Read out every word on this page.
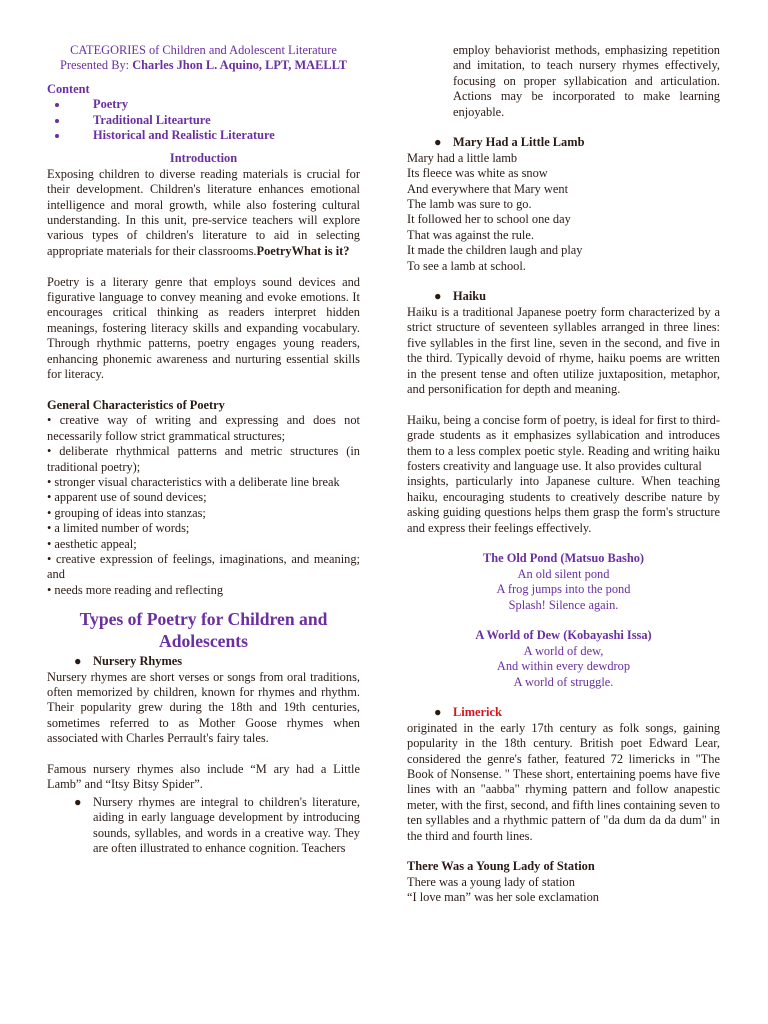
CATEGORIES of Children and Adolescent Literature

Presented By: Charles Jhon L. Aquino, LPT, MAELLT

Content

• Poetry
• Traditional Litearture
• Historical and Realistic Literature

Introduction

Exposing children to diverse reading materials is crucial for their development. Children's literature enhances emotional intelligence and moral growth, while also fostering cultural understanding. In this unit, pre-service teachers will explore various types of children's literature to aid in selecting appropriate materials for their classrooms.PoetryWhat is it?

Poetry is a literary genre that employs sound devices and figurative language to convey meaning and evoke emotions. It encourages critical thinking as readers interpret hidden meanings, fostering literacy skills and expanding vocabulary. Through rhythmic patterns, poetry engages young readers, enhancing phonemic awareness and nurturing essential skills for literacy.

General Characteristics of Poetry

• creative way of writing and expressing and does not necessarily follow strict grammatical structures;

• deliberate rhythmical patterns and metric structures (in traditional poetry);

• stronger visual characteristics with a deliberate line break

• apparent use of sound devices;

• grouping of ideas into stanzas;

• a limited number of words;

• aesthetic appeal;

• creative expression of feelings, imaginations, and meaning; and

• needs more reading and reflecting

Types of Poetry for Children and Adolescents

● Nursery Rhymes

Nursery rhymes are short verses or songs from oral traditions, often memorized by children, known for rhymes and rhythm. Their popularity grew during the 18th and 19th centuries, sometimes referred to as Mother Goose rhymes when associated with Charles Perrault's fairy tales.

Famous nursery rhymes also include “M ary had a Little Lamb” and “Itsy Bitsy Spider”.

● Nursery rhymes are integral to children's literature, aiding in early language development by introducing sounds, syllables, and words in a creative way. They are often illustrated to enhance cognition. Teachers
employ behaviorist methods, emphasizing repetition and imitation, to teach nursery rhymes effectively, focusing on proper syllabication and articulation. Actions may be incorporated to make learning enjoyable.
● Mary Had a Little Lamb

Mary had a little lamb

Its fleece was white as snow

And everywhere that Mary went

The lamb was sure to go.

It followed her to school one day

That was against the rule.

It made the children laugh and play

To see a lamb at school.

● Haiku

Haiku is a traditional Japanese poetry form characterized by a strict structure of seventeen syllables arranged in three lines: five syllables in the first line, seven in the second, and five in the third. Typically devoid of rhyme, haiku poems are written in the present tense and often utilize juxtaposition, metaphor, and personification for depth and meaning.

Haiku, being a concise form of poetry, is ideal for first to third-grade students as it emphasizes syllabication and introduces them to a less complex poetic style. Reading and writing haiku fosters creativity and language use. It also provides cultural

insights, particularly into Japanese culture. When teaching haiku, encouraging students to creatively describe nature by asking guiding questions helps them grasp the form's structure and express their feelings effectively.

The Old Pond (Matsuo Basho)

An old silent pond

A frog jumps into the pond

Splash! Silence again.

A World of Dew (Kobayashi Issa)

A world of dew,

And within every dewdrop

A world of struggle.

● Limerick

originated in the early 17th century as folk songs, gaining popularity in the 18th century. British poet Edward Lear, considered the genre's father, featured 72 limericks in "The Book of Nonsense. " These short, entertaining poems have five lines with an "aabba" rhyming pattern and follow anapestic meter, with the first, second, and fifth lines containing seven to ten syllables and a rhythmic pattern of "da dum da da dum" in the third and fourth lines.

There Was a Young Lady of Station

There was a young lady of station

“I love man” was her sole exclamation
